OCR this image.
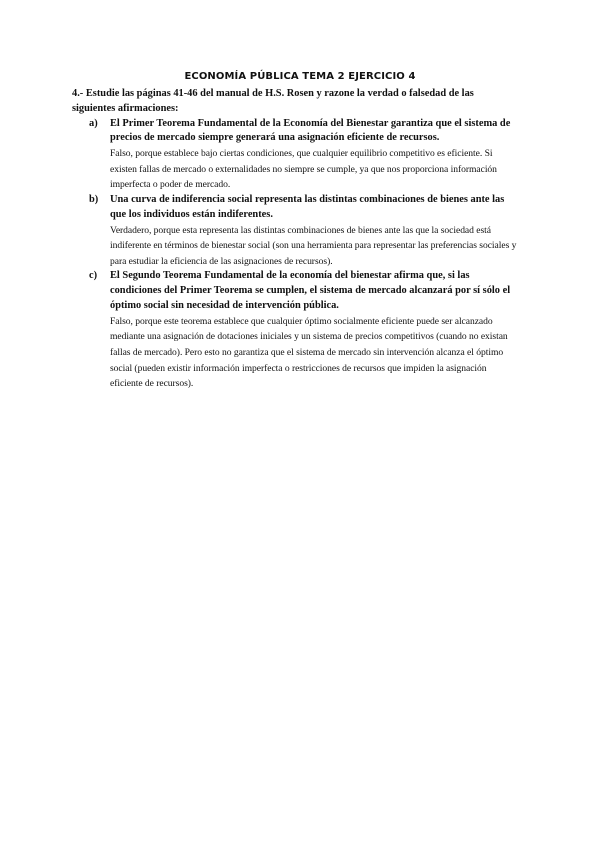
ECONOMÍA PÚBLICA TEMA 2 EJERCICIO 4

4.- Estudie las páginas 41-46 del manual de H.S. Rosen y razone la verdad o falsedad de las siguientes afirmaciones:

a)	El Primer Teorema Fundamental de la Economía del Bienestar garantiza que el sistema de precios de mercado siempre generará una asignación eficiente de recursos.

Falso, porque establece bajo ciertas condiciones, que cualquier equilibrio competitivo es eficiente. Si existen fallas de mercado o externalidades no siempre se cumple, ya que nos proporciona información imperfecta o poder de mercado.

b)	Una curva de indiferencia social representa las distintas combinaciones de bienes ante las que los individuos están indiferentes.

Verdadero, porque esta representa las distintas combinaciones de bienes ante las que la sociedad está indiferente en términos de bienestar social (son una herramienta para representar las preferencias sociales y para estudiar la eficiencia de las asignaciones de recursos).

c)	El Segundo Teorema Fundamental de la economía del bienestar afirma que, si las condiciones del Primer Teorema se cumplen, el sistema de mercado alcanzará por sí sólo el óptimo social sin necesidad de intervención pública.

Falso, porque este teorema establece que cualquier óptimo socialmente eficiente puede ser alcanzado mediante una asignación de dotaciones iniciales y un sistema de precios competitivos (cuando no existan fallas de mercado). Pero esto no garantiza que el sistema de mercado sin intervención alcanza el óptimo social (pueden existir información imperfecta o restricciones de recursos que impiden la asignación eficiente de recursos).
